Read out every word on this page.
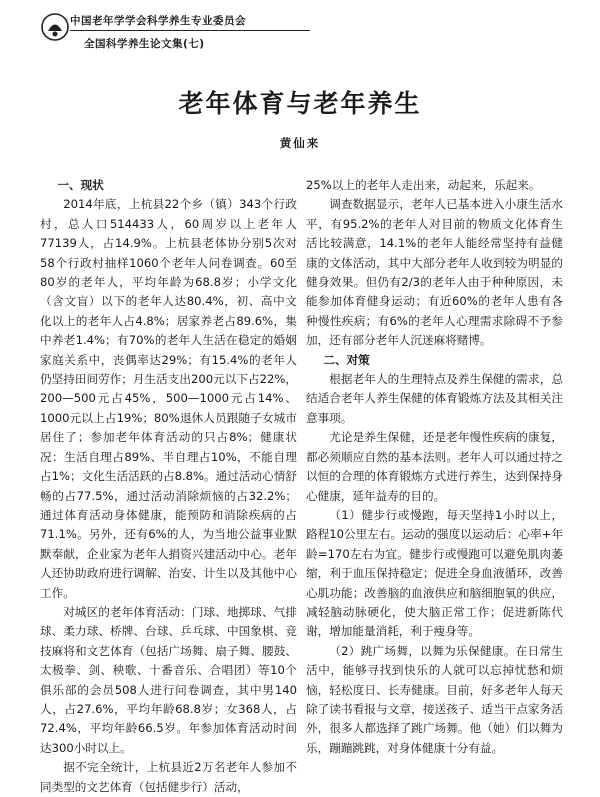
中国老年学学会科学养生专业委员会
全国科学养生论文集(七)
老年体育与老年养生
黄仙来
一、现状

2014年底，上杭县22个乡（镇）343个行政村，总人口514433人，60周岁以上老年人77139人，占14.9%。上杭县老体协分别5次对58个行政村抽样1060个老年人问卷调查。60至80岁的老年人，平均年龄为68.8岁；小学文化（含文盲）以下的老年人达80.4%，初、高中文化以上的老年人占4.8%；居家养老占89.6%，集中养老1.4%；有70%的老年人生活在稳定的婚姻家庭关系中，丧偶率达29%；有15.4%的老年人仍坚持田间劳作；月生活支出200元以下占22%，200—500元占45%，500—1000元占14%、1000元以上占19%；80%退休人员跟随子女城市居住了；参加老年体育活动的只占8%；健康状况：生活自理占89%、半自理占10%，不能自理占1%；文化生活活跃的占8.8%。通过活动心情舒畅的占77.5%，通过活动消除烦恼的占32.2%；通过体育活动身体健康，能预防和消除疾病的占71.1%。另外，还有6%的人，为当地公益事业默默奉献，企业家为老年人捐资兴建活动中心。老年人还协助政府进行调解、治安、计生以及其他中心工作。

对城区的老年体育活动：门球、地掷球、气排球、柔力球、桥牌、台球、乒乓球、中国象棋、竞技麻将和文艺体育（包括广场舞、扇子舞、腰鼓、太极拳、剑、秧歌、十番音乐、合唱团）等10个俱乐部的会员508人进行问卷调查，其中男140人，占27.6%，平均年龄68.8岁；女368人，占72.4%，平均年龄66.5岁。年参加体育活动时间达300小时以上。

据不完全统计，上杭县近2万名老年人参加不同类型的文艺体育（包括健步行）活动，

25%以上的老年人走出来，动起来，乐起来。

调查数据显示，老年人已基本进入小康生活水平，有95.2%的老年人对目前的物质文化体育生活比较满意，14.1%的老年人能经常坚持有益健康的文体活动，其中大部分老年人收到较为明显的健身效果。但仍有2/3的老年人由于种种原因，未能参加体育健身运动；有近60%的老年人患有各种慢性疾病；有6%的老年人心理需求除碍不予参加，还有部分老年人沉迷麻将赌博。

二、对策

根据老年人的生理特点及养生保健的需求，总结适合老年人养生保健的体育锻炼方法及其相关注意事项。

尤论是养生保健，还是老年慢性疾病的康复，都必须顺应自然的基本法则。老年人可以通过持之以恒的合理的体育锻炼方式进行养生，达到保持身心健康，延年益寿的目的。

（1）健步行或慢跑，每天坚持1小时以上，路程10公里左右。运动的强度以运动后：心率+年龄=170左右为宜。健步行或慢跑可以避免肌肉萎缩，利于血压保持稳定；促进全身血液循环，改善心肌功能；改善脑的血液供应和脑细胞氧的供应，减轻脑动脉硬化，使大脑正常工作；促进新陈代谢，增加能量消耗，利于瘦身等。

（2）跳广场舞，以舞为乐保健康。在日常生活中，能够寻找到快乐的人就可以忘掉忧愁和烦恼，轻松度日、长寿健康。目前，好多老年人每天除了读书看报与文章，接送孩子、适当干点家务活外，很多人都选择了跳广场舞。他（她）们以舞为乐，蹦蹦跳跳，对身体健康十分有益。
